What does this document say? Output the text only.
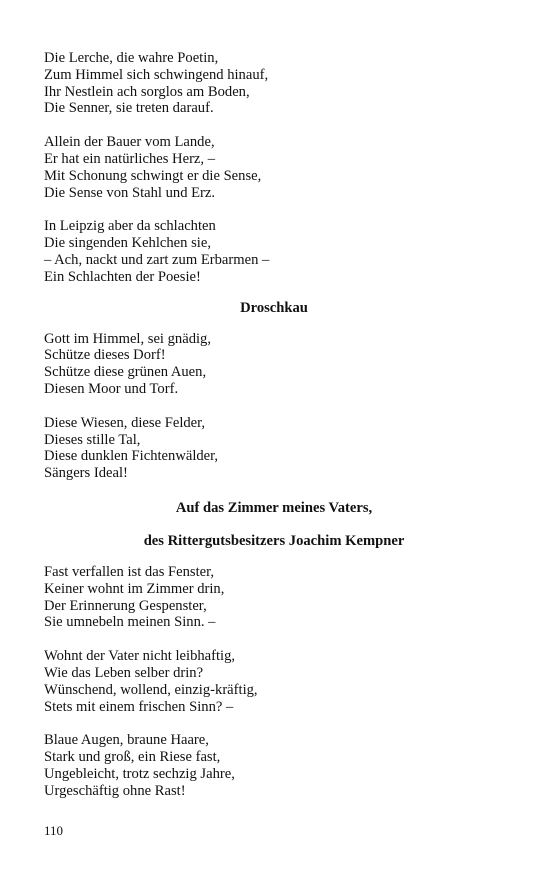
Die Lerche, die wahre Poetin,
Zum Himmel sich schwingend hinauf,
Ihr Nestlein ach sorglos am Boden,
Die Senner, sie treten darauf.
Allein der Bauer vom Lande,
Er hat ein natürliches Herz, –
Mit Schonung schwingt er die Sense,
Die Sense von Stahl und Erz.
In Leipzig aber da schlachten
Die singenden Kehlchen sie,
– Ach, nackt und zart zum Erbarmen –
Ein Schlachten der Poesie!
Droschkau
Gott im Himmel, sei gnädig,
Schütze dieses Dorf!
Schütze diese grünen Auen,
Diesen Moor und Torf.
Diese Wiesen, diese Felder,
Dieses stille Tal,
Diese dunklen Fichtenwälder,
Sängers Ideal!
Auf das Zimmer meines Vaters,
des Rittergutsbesitzers Joachim Kempner
Fast verfallen ist das Fenster,
Keiner wohnt im Zimmer drin,
Der Erinnerung Gespenster,
Sie umnebeln meinen Sinn. –
Wohnt der Vater nicht leibhaftig,
Wie das Leben selber drin?
Wünschend, wollend, einzig-kräftig,
Stets mit einem frischen Sinn? –
Blaue Augen, braune Haare,
Stark und groß, ein Riese fast,
Ungebleicht, trotz sechzig Jahre,
Urgeschäftig ohne Rast!
110
